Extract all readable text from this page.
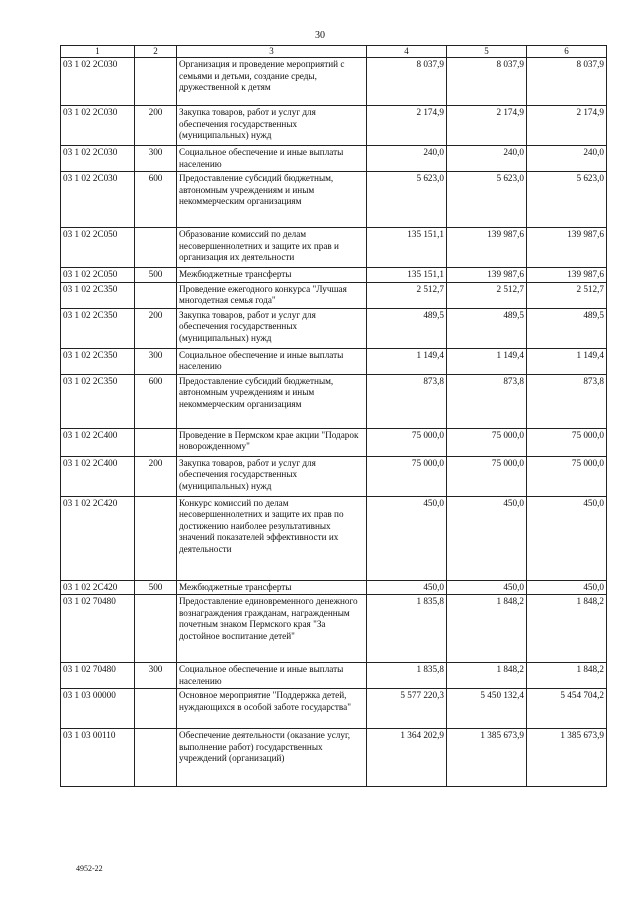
30
1	2	3	4	5	6
03 1 02 2С030		Организация и проведение мероприятий с семьями и детьми, создание среды, дружественной к детям	8 037,9	8 037,9	8 037,9
03 1 02 2С030	200	Закупка товаров, работ и услуг для обеспечения государственных (муниципальных) нужд	2 174,9	2 174,9	2 174,9
03 1 02 2С030	300	Социальное обеспечение и иные выплаты населению	240,0	240,0	240,0
03 1 02 2С030	600	Предоставление субсидий бюджетным, автономным учреждениям и иным некоммерческим организациям	5 623,0	5 623,0	5 623,0
03 1 02 2С050		Образование комиссий по делам несовершеннолетних и защите их прав и организация их деятельности	135 151,1	139 987,6	139 987,6
03 1 02 2С050	500	Межбюджетные трансферты	135 151,1	139 987,6	139 987,6
03 1 02 2С350		Проведение ежегодного конкурса "Лучшая многодетная семья года"	2 512,7	2 512,7	2 512,7
03 1 02 2С350	200	Закупка товаров, работ и услуг для обеспечения государственных (муниципальных) нужд	489,5	489,5	489,5
03 1 02 2С350	300	Социальное обеспечение и иные выплаты населению	1 149,4	1 149,4	1 149,4
03 1 02 2С350	600	Предоставление субсидий бюджетным, автономным учреждениям и иным некоммерческим организациям	873,8	873,8	873,8
03 1 02 2С400		Проведение в Пермском крае акции "Подарок новорожденному"	75 000,0	75 000,0	75 000,0
03 1 02 2С400	200	Закупка товаров, работ и услуг для обеспечения государственных (муниципальных) нужд	75 000,0	75 000,0	75 000,0
03 1 02 2С420		Конкурс комиссий по делам несовершеннолетних и защите их прав по достижению наиболее результативных значений показателей эффективности их деятельности	450,0	450,0	450,0
03 1 02 2С420	500	Межбюджетные трансферты	450,0	450,0	450,0
03 1 02 70480		Предоставление единовременного денежного вознаграждения гражданам, награжденным почетным знаком Пермского края "За достойное воспитание детей"	1 835,8	1 848,2	1 848,2
03 1 02 70480	300	Социальное обеспечение и иные выплаты населению	1 835,8	1 848,2	1 848,2
03 1 03 00000		Основное мероприятие "Поддержка детей, нуждающихся в особой заботе государства"	5 577 220,3	5 450 132,4	5 454 704,2
03 1 03 00110		Обеспечение деятельности (оказание услуг, выполнение работ) государственных учреждений (организаций)	1 364 202,9	1 385 673,9	1 385 673,9
4952-22
